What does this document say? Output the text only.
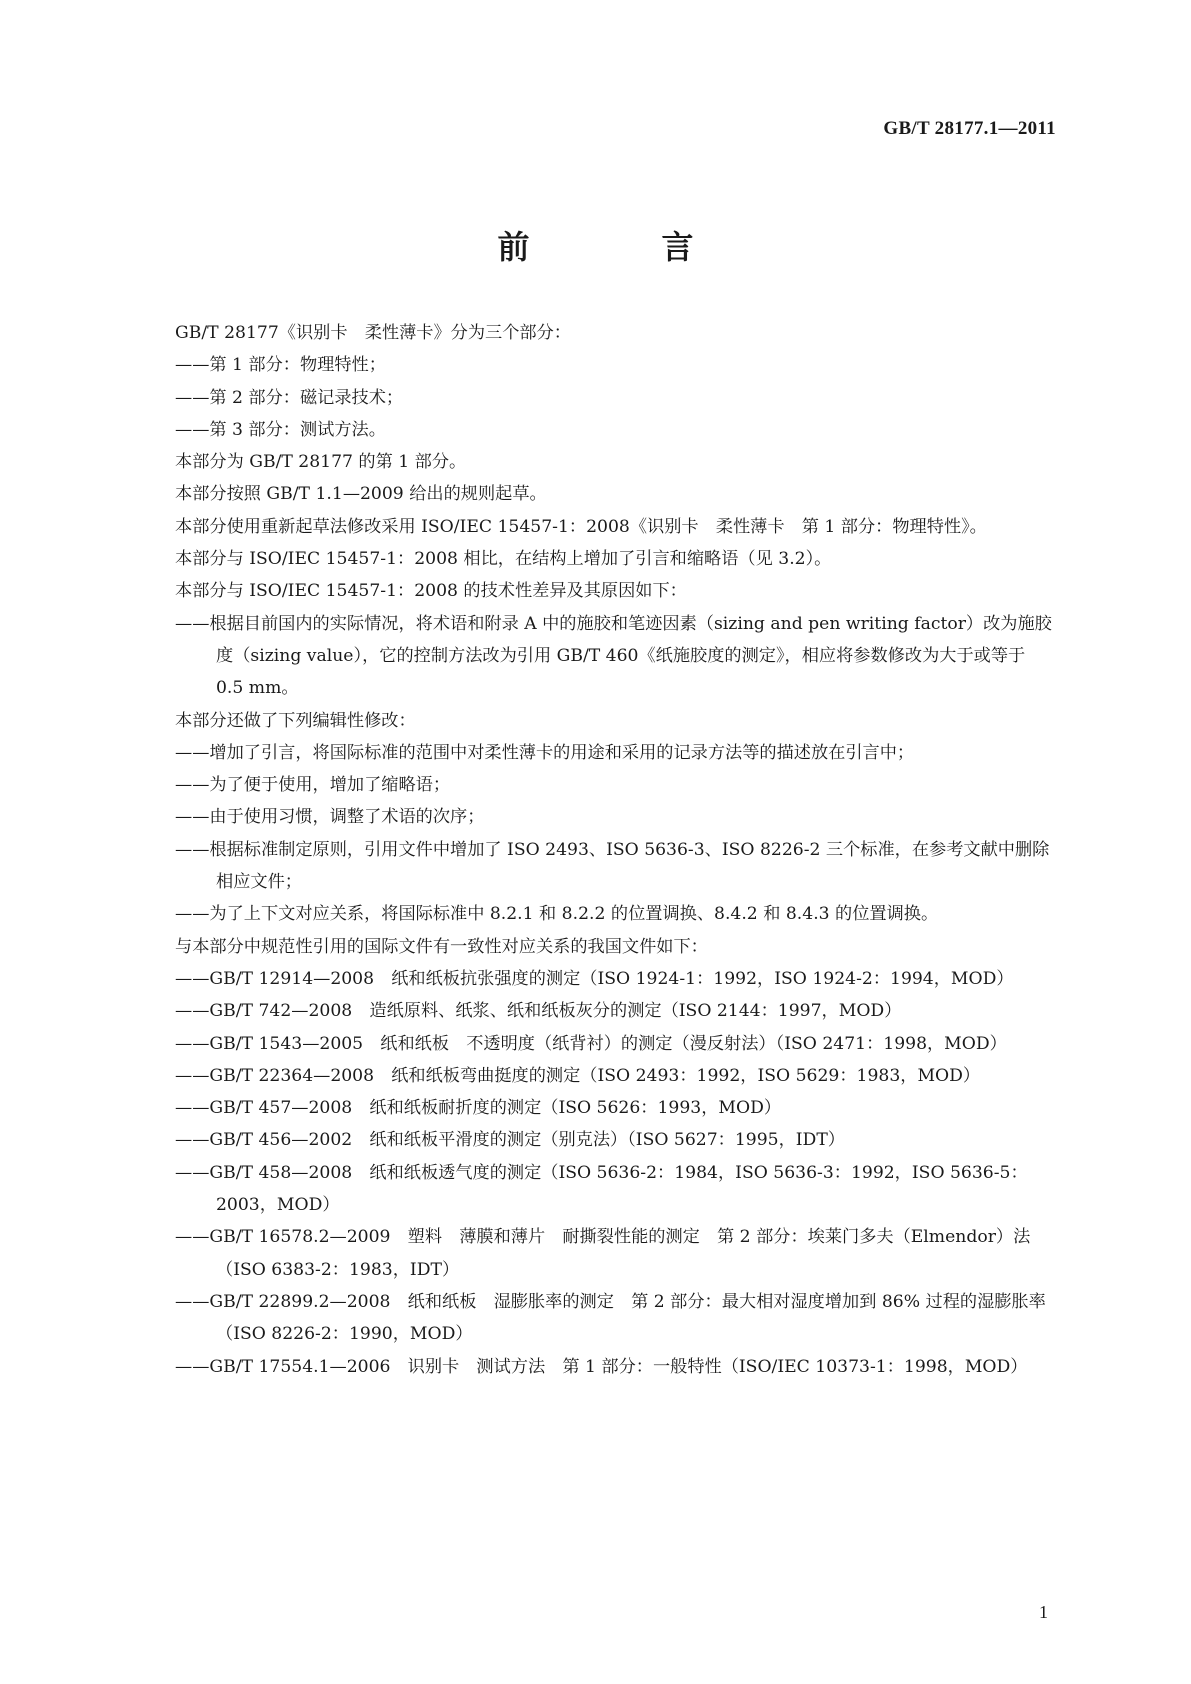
GB/T 28177.1—2011
前　言
GB/T 28177《识别卡　柔性薄卡》分为三个部分：
——第 1 部分：物理特性；
——第 2 部分：磁记录技术；
——第 3 部分：测试方法。
本部分为 GB/T 28177 的第 1 部分。
本部分按照 GB/T 1.1—2009 给出的规则起草。
本部分使用重新起草法修改采用 ISO/IEC 15457-1：2008《识别卡　柔性薄卡　第 1 部分：物理特性》。
本部分与 ISO/IEC 15457-1：2008 相比，在结构上增加了引言和缩略语（见 3.2）。
本部分与 ISO/IEC 15457-1：2008 的技术性差异及其原因如下：
——根据目前国内的实际情况，将术语和附录 A 中的施胶和笔迹因素（sizing and pen writing factor）改为施胶度（sizing value），它的控制方法改为引用 GB/T 460《纸施胶度的测定》，相应将参数修改为大于或等于 0.5 mm。
本部分还做了下列编辑性修改：
——增加了引言，将国际标准的范围中对柔性薄卡的用途和采用的记录方法等的描述放在引言中；
——为了便于使用，增加了缩略语；
——由于使用习惯，调整了术语的次序；
——根据标准制定原则，引用文件中增加了 ISO 2493、ISO 5636-3、ISO 8226-2 三个标准，在参考文献中删除相应文件；
——为了上下文对应关系，将国际标准中 8.2.1 和 8.2.2 的位置调换、8.4.2 和 8.4.3 的位置调换。
与本部分中规范性引用的国际文件有一致性对应关系的我国文件如下：
——GB/T 12914—2008　纸和纸板抗张强度的测定（ISO 1924-1：1992，ISO 1924-2：1994，MOD）
——GB/T 742—2008　造纸原料、纸浆、纸和纸板灰分的测定（ISO 2144：1997，MOD）
——GB/T 1543—2005　纸和纸板　不透明度（纸背衬）的测定（漫反射法）（ISO 2471：1998，MOD）
——GB/T 22364—2008　纸和纸板弯曲挺度的测定（ISO 2493：1992，ISO 5629：1983，MOD）
——GB/T 457—2008　纸和纸板耐折度的测定（ISO 5626：1993，MOD）
——GB/T 456—2002　纸和纸板平滑度的测定（别克法）（ISO 5627：1995，IDT）
——GB/T 458—2008　纸和纸板透气度的测定（ISO 5636-2：1984，ISO 5636-3：1992，ISO 5636-5：2003，MOD）
——GB/T 16578.2—2009　塑料　薄膜和薄片　耐撕裂性能的测定　第 2 部分：埃莱门多夫（Elmendor）法（ISO 6383-2：1983，IDT）
——GB/T 22899.2—2008　纸和纸板　湿膨胀率的测定　第 2 部分：最大相对湿度增加到 86% 过程的湿膨胀率（ISO 8226-2：1990，MOD）
——GB/T 17554.1—2006　识别卡　测试方法　第 1 部分：一般特性（ISO/IEC 10373-1：1998，MOD）
1
